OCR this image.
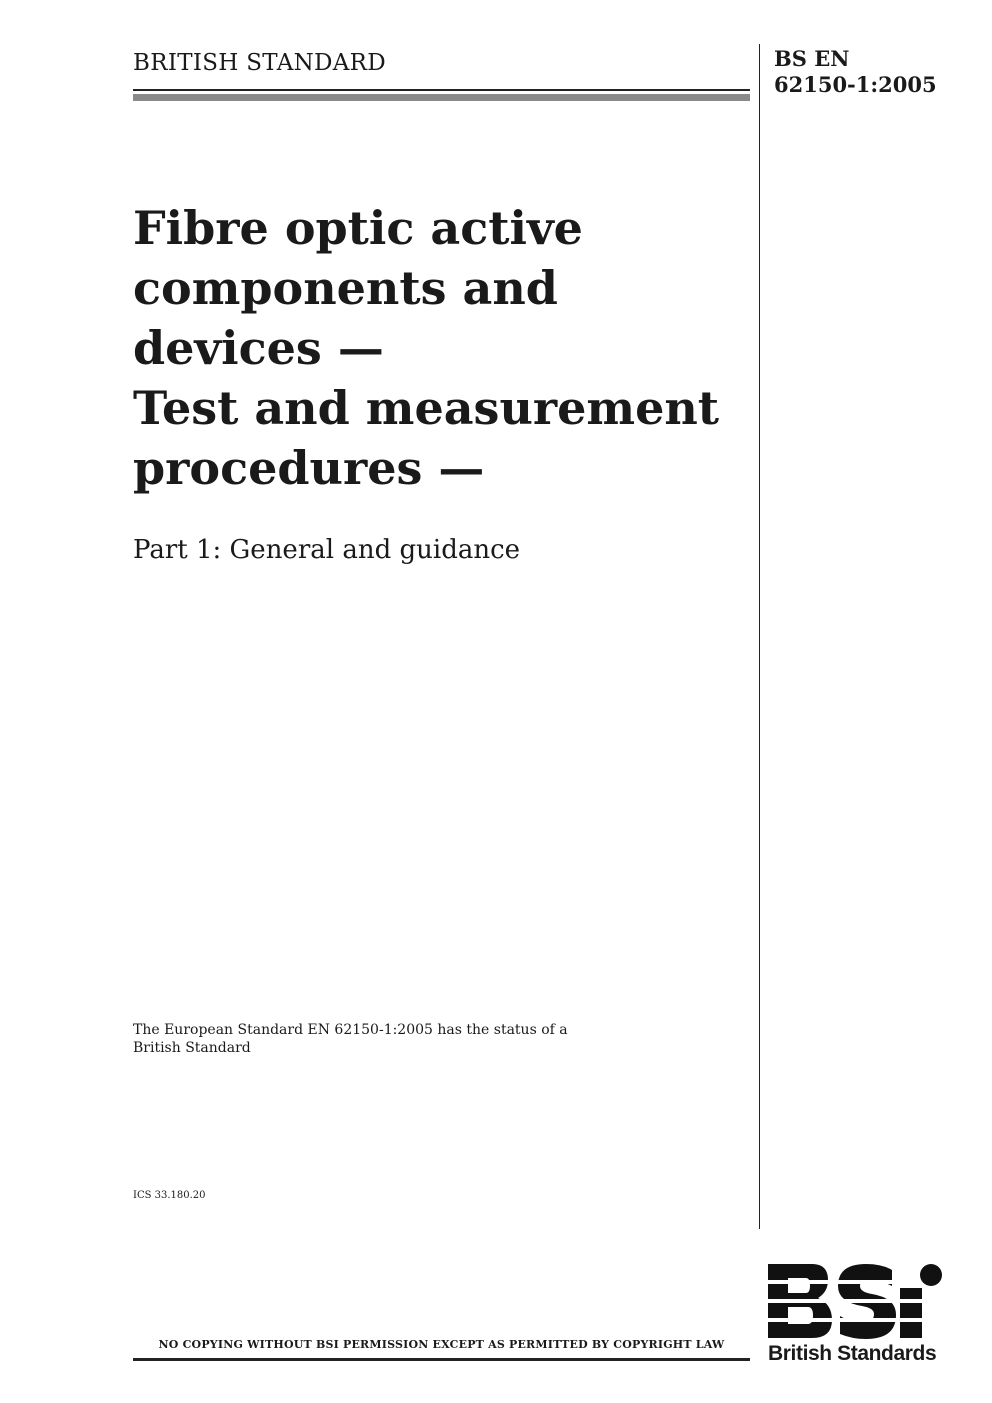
BRITISH STANDARD	BS EN
62150-1:2005
Fibre optic active
components and
devices —
Test and measurement
procedures —
Part 1: General and guidance
The European Standard EN 62150-1:2005 has the status of a
British Standard
ICS 33.180.20
NO COPYING WITHOUT BSI PERMISSION EXCEPT AS PERMITTED BY COPYRIGHT LAW	British Standards
